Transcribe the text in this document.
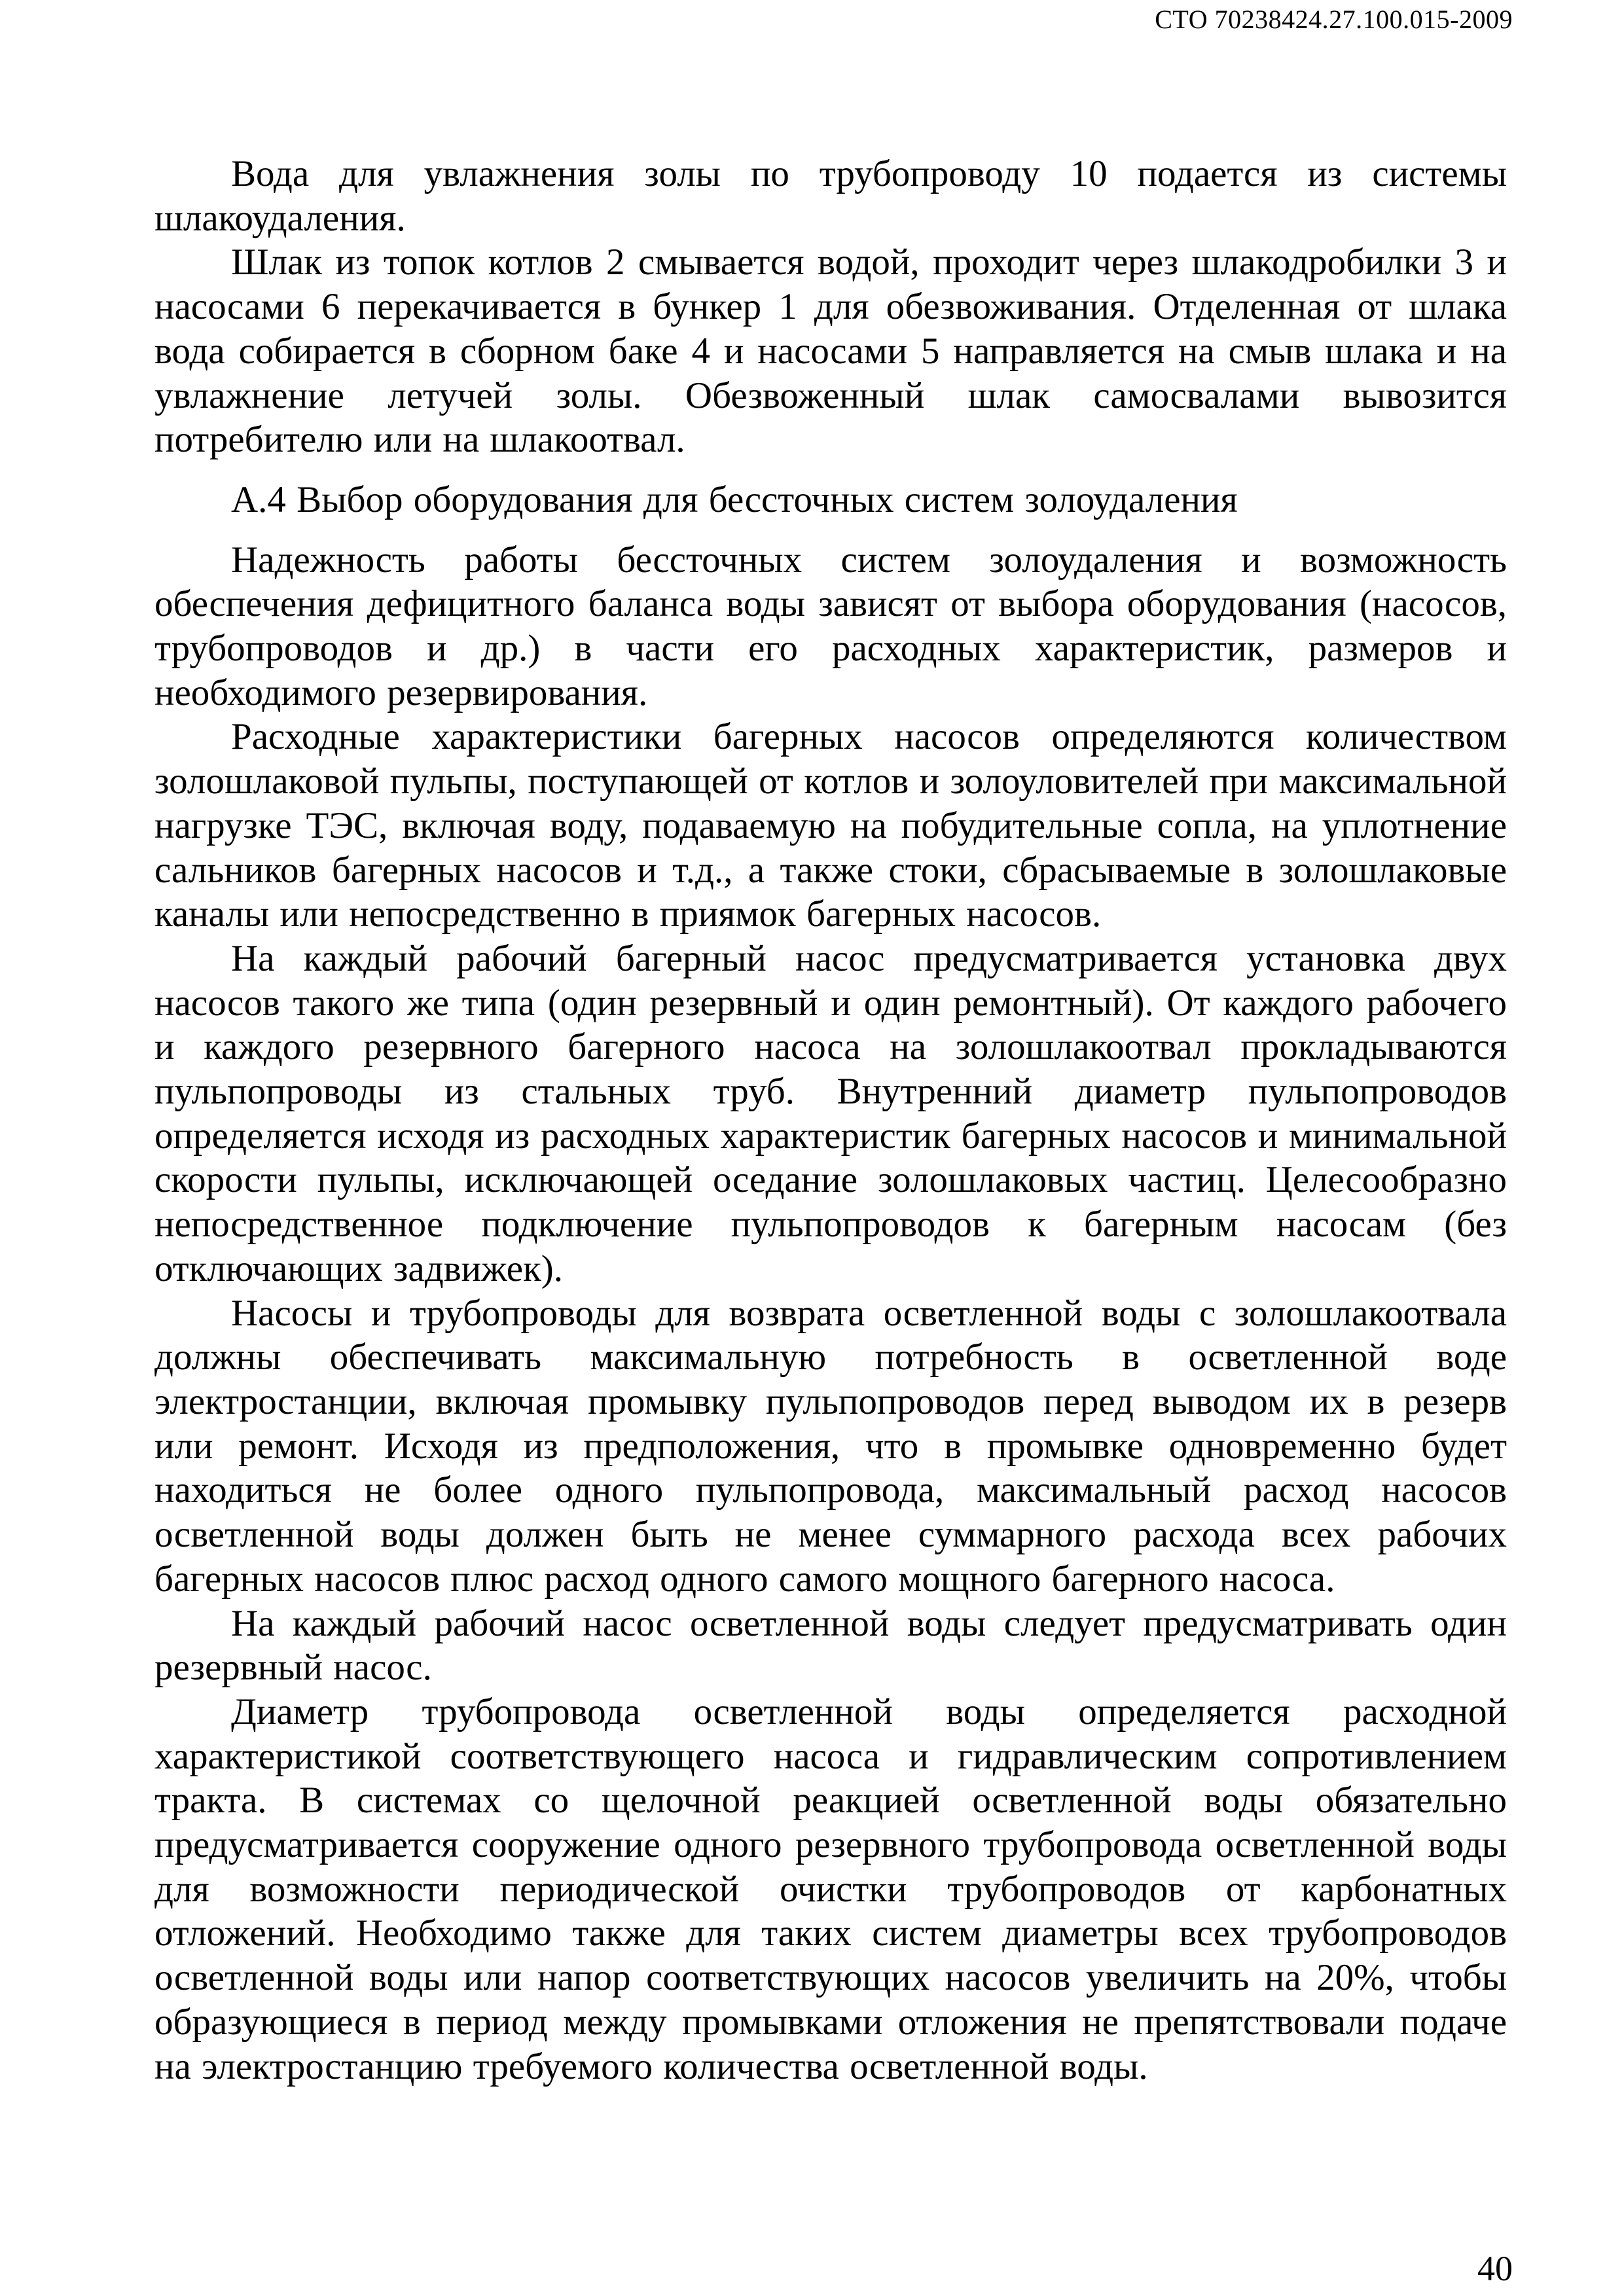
СТО 70238424.27.100.015-2009

Вода для увлажнения золы по трубопроводу 10 подается из системы шлакоудаления.

Шлак из топок котлов 2 смывается водой, проходит через шлакодробилки 3 и насосами 6 перекачивается в бункер 1 для обезвоживания. Отделенная от шлака вода собирается в сборном баке 4 и насосами 5 направляется на смыв шлака и на увлажнение летучей золы. Обезвоженный шлак самосвалами вывозится потребителю или на шлакоотвал.

А.4 Выбор оборудования для бессточных систем золоудаления

Надежность работы бессточных систем золоудаления и возможность обеспечения дефицитного баланса воды зависят от выбора оборудования (насосов, трубопроводов и др.) в части его расходных характеристик, размеров и необходимого резервирования.

Расходные характеристики багерных насосов определяются количеством золошлаковой пульпы, поступающей от котлов и золоуловителей при максимальной нагрузке ТЭС, включая воду, подаваемую на побудительные сопла, на уплотнение сальников багерных насосов и т.д., а также стоки, сбрасываемые в золошлаковые каналы или непосредственно в приямок багерных насосов.

На каждый рабочий багерный насос предусматривается установка двух насосов такого же типа (один резервный и один ремонтный). От каждого рабочего и каждого резервного багерного насоса на золошлакоотвал прокладываются пульпопроводы из стальных труб. Внутренний диаметр пульпопроводов определяется исходя из расходных характеристик багерных насосов и минимальной скорости пульпы, исключающей оседание золошлаковых частиц. Целесообразно непосредственное подключение пульпопроводов к багерным насосам (без отключающих задвижек).

Насосы и трубопроводы для возврата осветленной воды с золошлакоотвала должны обеспечивать максимальную потребность в осветленной воде электростанции, включая промывку пульпопроводов перед выводом их в резерв или ремонт. Исходя из предположения, что в промывке одновременно будет находиться не более одного пульпопровода, максимальный расход насосов осветленной воды должен быть не менее суммарного расхода всех рабочих багерных насосов плюс расход одного самого мощного багерного насоса.

На каждый рабочий насос осветленной воды следует предусматривать один резервный насос.

Диаметр трубопровода осветленной воды определяется расходной характеристикой соответствующего насоса и гидравлическим сопротивлением тракта. В системах со щелочной реакцией осветленной воды обязательно предусматривается сооружение одного резервного трубопровода осветленной воды для возможности периодической очистки трубопроводов от карбонатных отложений. Необходимо также для таких систем диаметры всех трубопроводов осветленной воды или напор соответствующих насосов увеличить на 20%, чтобы образующиеся в период между промывками отложения не препятствовали подаче на электростанцию требуемого количества осветленной воды.

40
